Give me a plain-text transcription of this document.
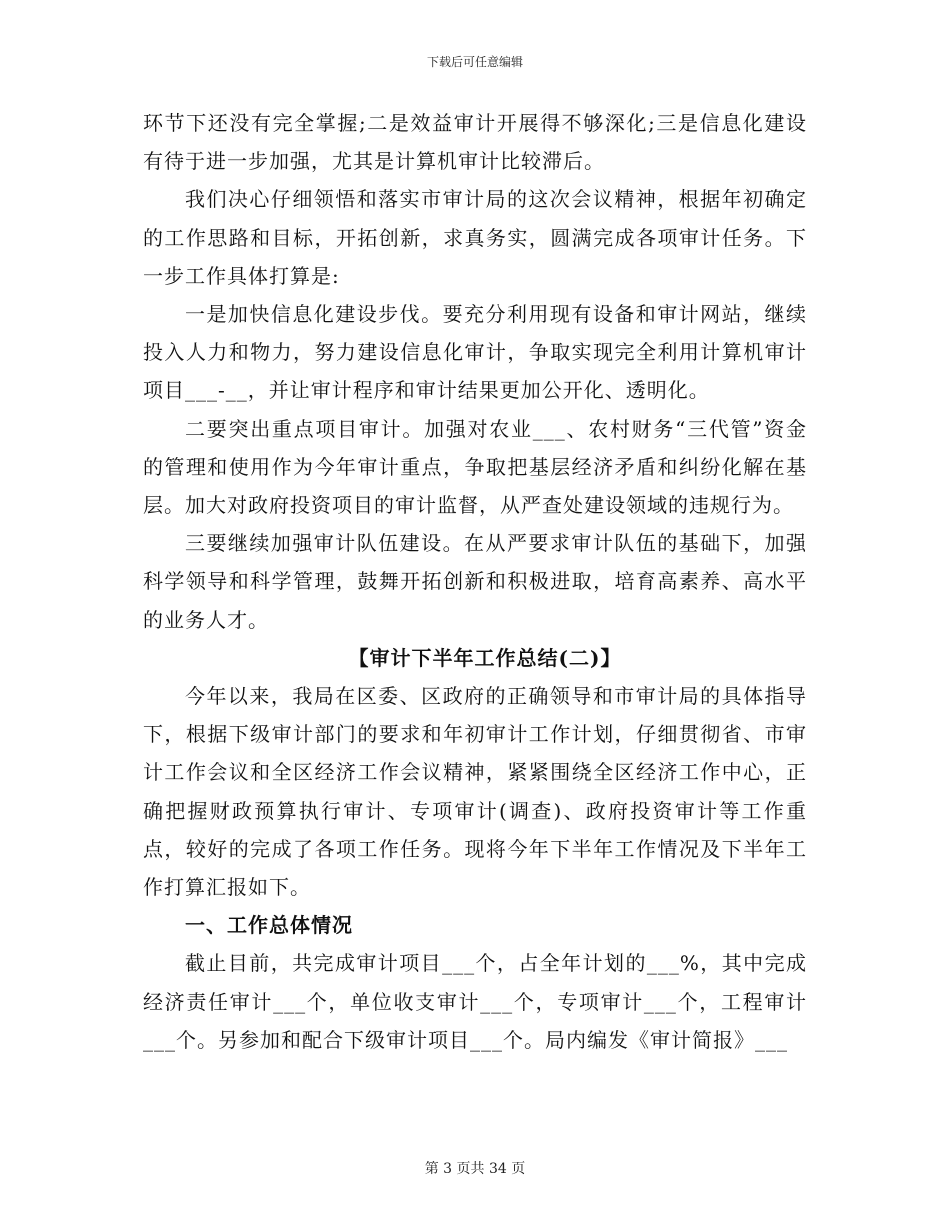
下载后可任意编辑

环节下还没有完全掌握;二是效益审计开展得不够深化;三是信息化建设有待于进一步加强，尤其是计算机审计比较滞后。

我们决心仔细领悟和落实市审计局的这次会议精神，根据年初确定的工作思路和目标，开拓创新，求真务实，圆满完成各项审计任务。下一步工作具体打算是:

一是加快信息化建设步伐。要充分利用现有设备和审计网站，继续投入人力和物力，努力建设信息化审计，争取实现完全利用计算机审计项目___-__，并让审计程序和审计结果更加公开化、透明化。

二要突出重点项目审计。加强对农业___、农村财务“三代管”资金的管理和使用作为今年审计重点，争取把基层经济矛盾和纠纷化解在基层。加大对政府投资项目的审计监督，从严查处建设领域的违规行为。

三要继续加强审计队伍建设。在从严要求审计队伍的基础下，加强科学领导和科学管理，鼓舞开拓创新和积极进取，培育高素养、高水平的业务人才。

【审计下半年工作总结(二)】

今年以来，我局在区委、区政府的正确领导和市审计局的具体指导下，根据下级审计部门的要求和年初审计工作计划，仔细贯彻省、市审计工作会议和全区经济工作会议精神，紧紧围绕全区经济工作中心，正确把握财政预算执行审计、专项审计(调查)、政府投资审计等工作重点，较好的完成了各项工作任务。现将今年下半年工作情况及下半年工作打算汇报如下。

一、工作总体情况

截止目前，共完成审计项目___个，占全年计划的___%，其中完成经济责任审计___个，单位收支审计___个，专项审计___个，工程审计___个。另参加和配合下级审计项目___个。局内编发《审计简报》___

第 3 页共 34 页
